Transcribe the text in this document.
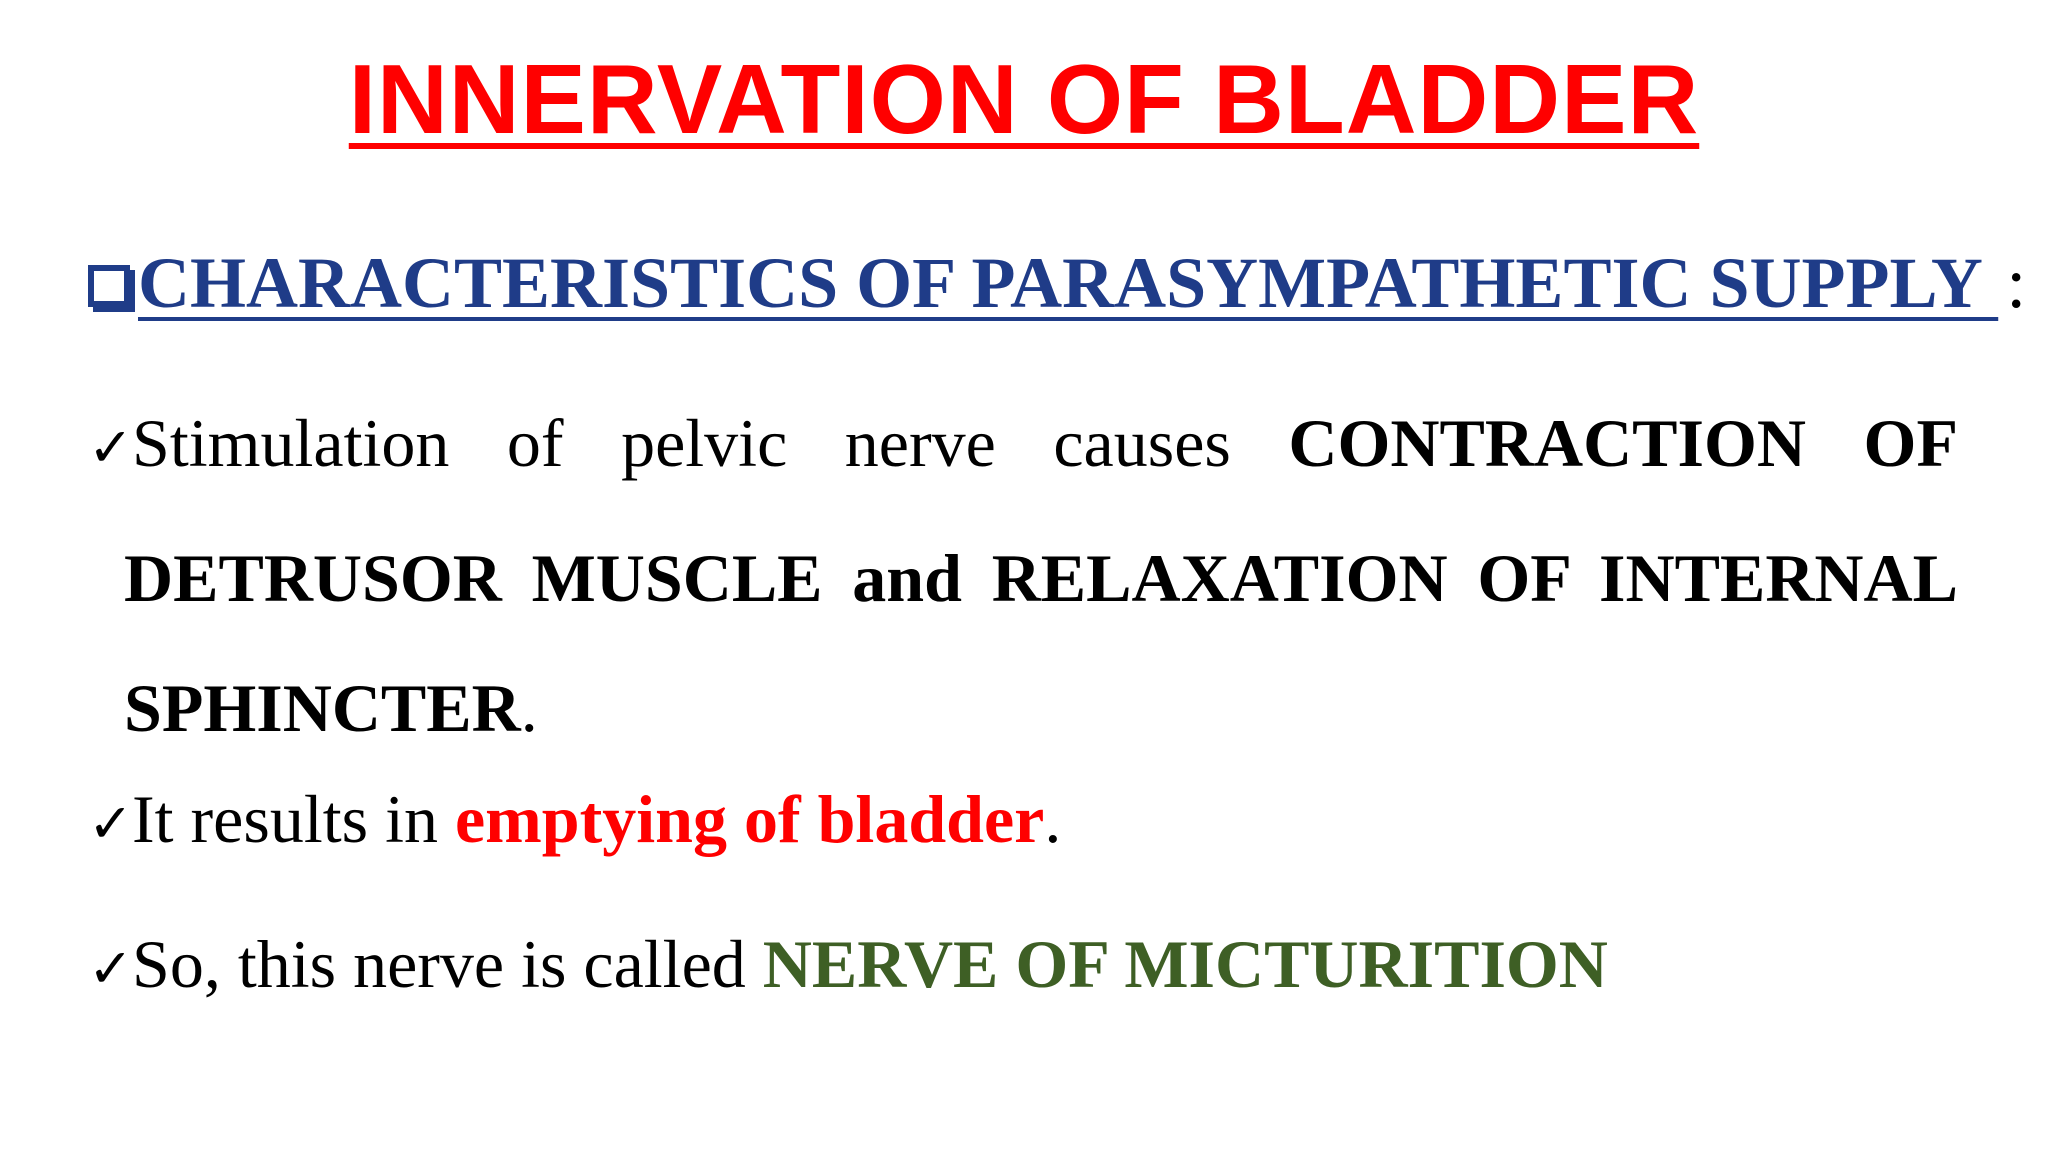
INNERVATION OF BLADDER
CHARACTERISTICS OF PARASYMPATHETIC SUPPLY :
✓Stimulation of pelvic nerve causes CONTRACTION OF
DETRUSOR MUSCLE and RELAXATION OF INTERNAL
SPHINCTER.
✓It results in emptying of bladder.
✓So, this nerve is called NERVE OF MICTURITION
